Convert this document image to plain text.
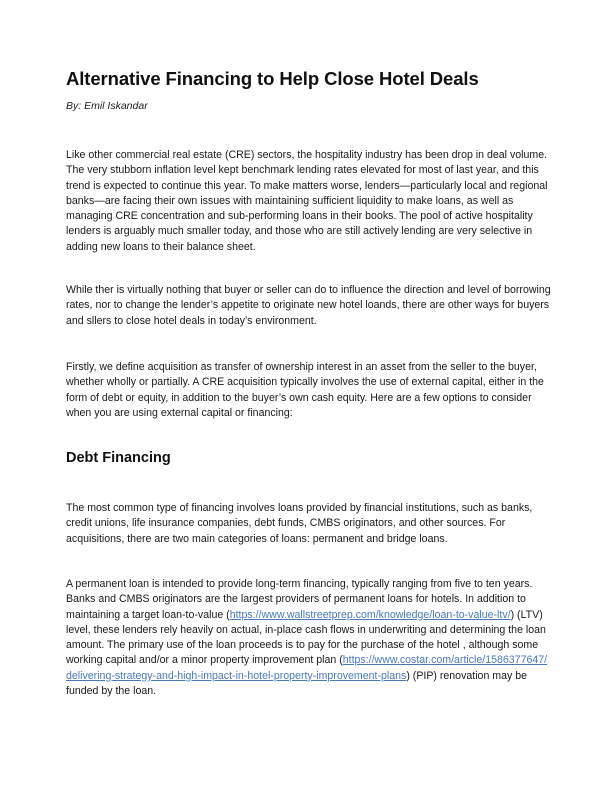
Alternative Financing to Help Close Hotel Deals

By: Emil Iskandar

Like other commercial real estate (CRE) sectors, the hospitality industry has been drop in deal volume. The very stubborn inflation level kept benchmark lending rates elevated for most of last year, and this trend is expected to continue this year. To make matters worse, lenders—particularly local and regional banks—are facing their own issues with maintaining sufficient liquidity to make loans, as well as managing CRE concentration and sub-performing loans in their books. The pool of active hospitality lenders is arguably much smaller today, and those who are still actively lending are very selective in adding new loans to their balance sheet.

While ther is virtually nothing that buyer or seller can do to influence the direction and level of borrowing rates, nor to change the lender’s appetite to originate new hotel loands, there are other ways for buyers and sllers to close hotel deals in today’s environment.

Firstly, we define acquisition as transfer of ownership interest in an asset from the seller to the buyer, whether wholly or partially. A CRE acquisition typically involves the use of external capital, either in the form of debt or equity, in addition to the buyer’s own cash equity. Here are a few options to consider when you are using external capital or financing:

Debt Financing

The most common type of financing involves loans provided by financial institutions, such as banks, credit unions, life insurance companies, debt funds, CMBS originators, and other sources. For acquisitions, there are two main categories of loans: permanent and bridge loans.

A permanent loan is intended to provide long-term financing, typically ranging from five to ten years. Banks and CMBS originators are the largest providers of permanent loans for hotels. In addition to maintaining a target loan-to-value (https://www.wallstreetprep.com/knowledge/loan-to-value-ltv/) (LTV) level, these lenders rely heavily on actual, in-place cash flows in underwriting and determining the loan amount. The primary use of the loan proceeds is to pay for the purchase of the hotel , although some working capital and/or a minor property improvement plan (https://www.costar.com/article/1586377647/delivering-strategy-and-high-impact-in-hotel-property-improvement-plans) (PIP) renovation may be funded by the loan.
